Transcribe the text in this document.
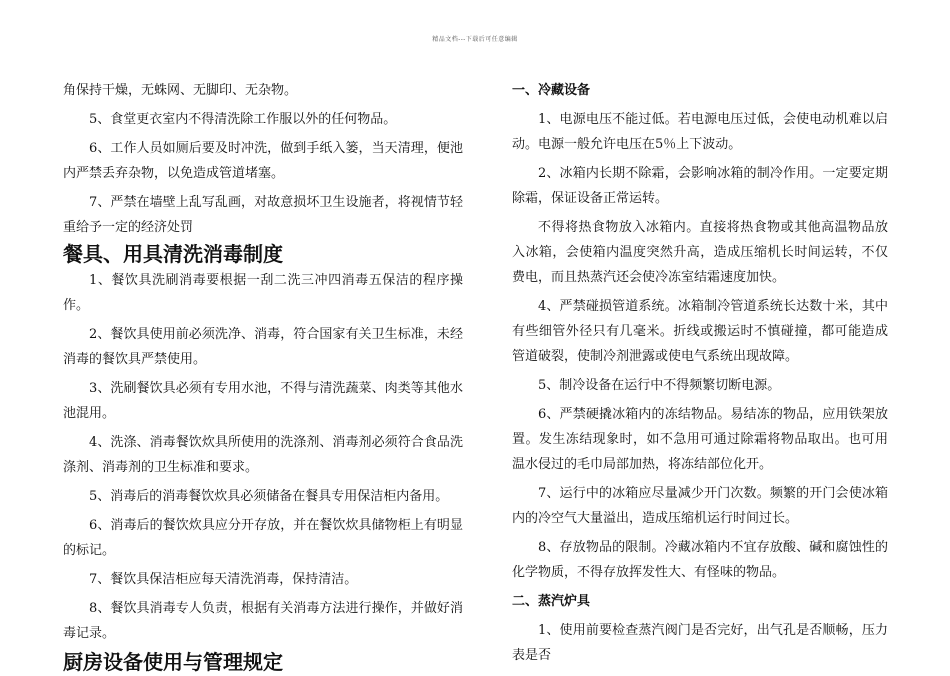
精品文档---下载后可任意编辑

角保持干燥，无蛛网、无脚印、无杂物。

5、食堂更衣室内不得清洗除工作服以外的任何物品。

6、工作人员如厕后要及时冲洗，做到手纸入篓，当天清理，便池内严禁丢弃杂物，以免造成管道堵塞。

7、严禁在墙壁上乱写乱画，对故意损坏卫生设施者，将视情节轻重给予一定的经济处罚

餐具、用具清洗消毒制度

1、餐饮具洗刷消毒要根据一刮二洗三冲四消毒五保洁的程序操作。

2、餐饮具使用前必须洗净、消毒，符合国家有关卫生标准，未经消毒的餐饮具严禁使用。

3、洗刷餐饮具必须有专用水池，不得与清洗蔬菜、肉类等其他水池混用。

4、洗涤、消毒餐饮炊具所使用的洗涤剂、消毒剂必须符合食品洗涤剂、消毒剂的卫生标准和要求。

5、消毒后的消毒餐饮炊具必须储备在餐具专用保洁柜内备用。

6、消毒后的餐饮炊具应分开存放，并在餐饮炊具储物柜上有明显的标记。

7、餐饮具保洁柜应每天清洗消毒，保持清洁。

8、餐饮具消毒专人负责，根据有关消毒方法进行操作，并做好消毒记录。

厨房设备使用与管理规定
一、冷藏设备

1、电源电压不能过低。若电源电压过低，会使电动机难以启动。电源一般允许电压在5％上下波动。

2、冰箱内长期不除霜，会影响冰箱的制冷作用。一定要定期除霜，保证设备正常运转。

不得将热食物放入冰箱内。直接将热食物或其他高温物品放入冰箱，会使箱内温度突然升高，造成压缩机长时间运转，不仅费电，而且热蒸汽还会使冷冻室结霜速度加快。

4、严禁碰损管道系统。冰箱制冷管道系统长达数十米，其中有些细管外径只有几毫米。折线或搬运时不慎碰撞，都可能造成管道破裂，使制冷剂泄露或使电气系统出现故障。

5、制冷设备在运行中不得频繁切断电源。

6、严禁硬撬冰箱内的冻结物品。易结冻的物品，应用铁架放置。发生冻结现象时，如不急用可通过除霜将物品取出。也可用温水侵过的毛巾局部加热，将冻结部位化开。

7、运行中的冰箱应尽量减少开门次数。频繁的开门会使冰箱内的冷空气大量溢出，造成压缩机运行时间过长。

8、存放物品的限制。冷藏冰箱内不宜存放酸、碱和腐蚀性的化学物质，不得存放挥发性大、有怪味的物品。

二、蒸汽炉具

1、使用前要检查蒸汽阀门是否完好，出气孔是否顺畅，压力表是否
